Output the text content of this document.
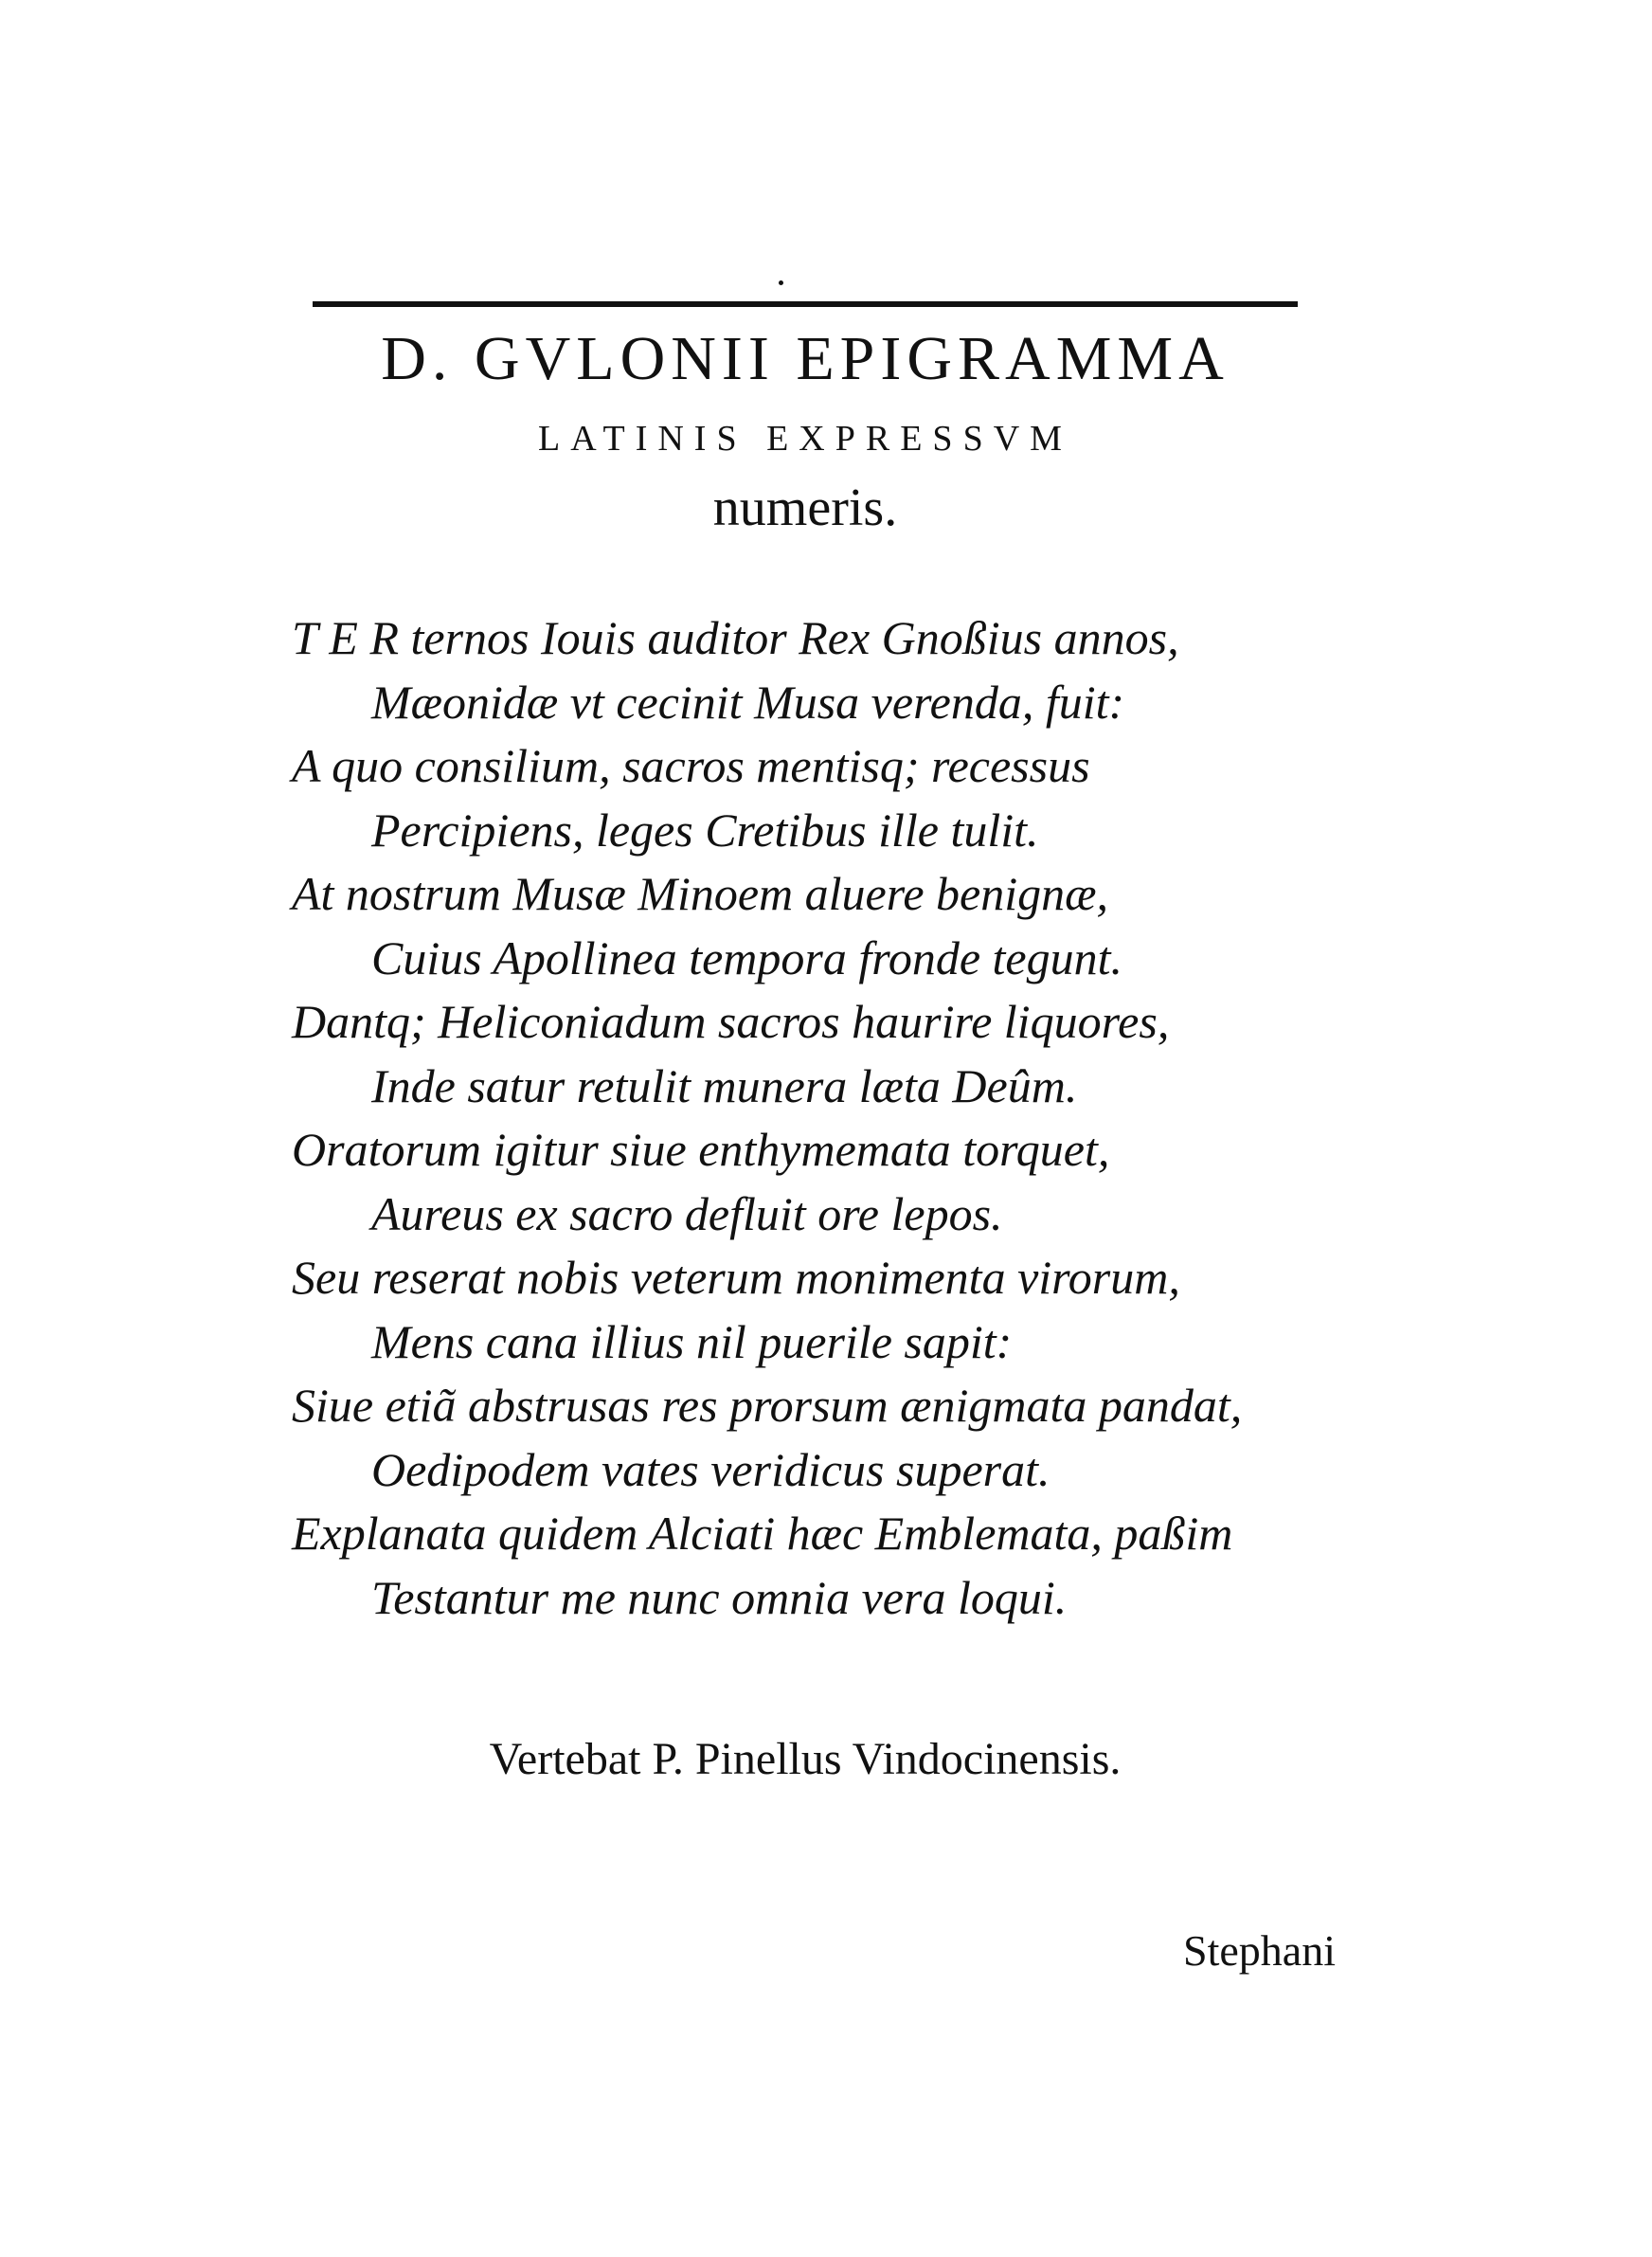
D. GVLONII EPIGRAMMA
LATINIS EXPRESSVM
numeris.
T E R ternos Iouis auditor Rex Gnoßius annos,
Mæonidæ vt cecinit Musa verenda, fuit:
A quo consilium, sacros mentisq; recessus
Percipiens, leges Cretibus ille tulit.
At nostrum Musæ Minoem aluere benignæ,
Cuius Apollinea tempora fronde tegunt.
Dantq; Heliconiadum sacros haurire liquores,
Inde satur retulit munera læta Deûm.
Oratorum igitur siue enthymemata torquet,
Aureus ex sacro defluit ore lepos.
Seu reserat nobis veterum monimenta virorum,
Mens cana illius nil puerile sapit:
Siue etiã abstrusas res prorsum ænigmata pandat,
Oedipodem vates veridicus superat.
Explanata quidem Alciati hæc Emblemata, paßim
Testantur me nunc omnia vera loqui.
Vertebat P. Pinellus Vindocinensis.
Stephani
